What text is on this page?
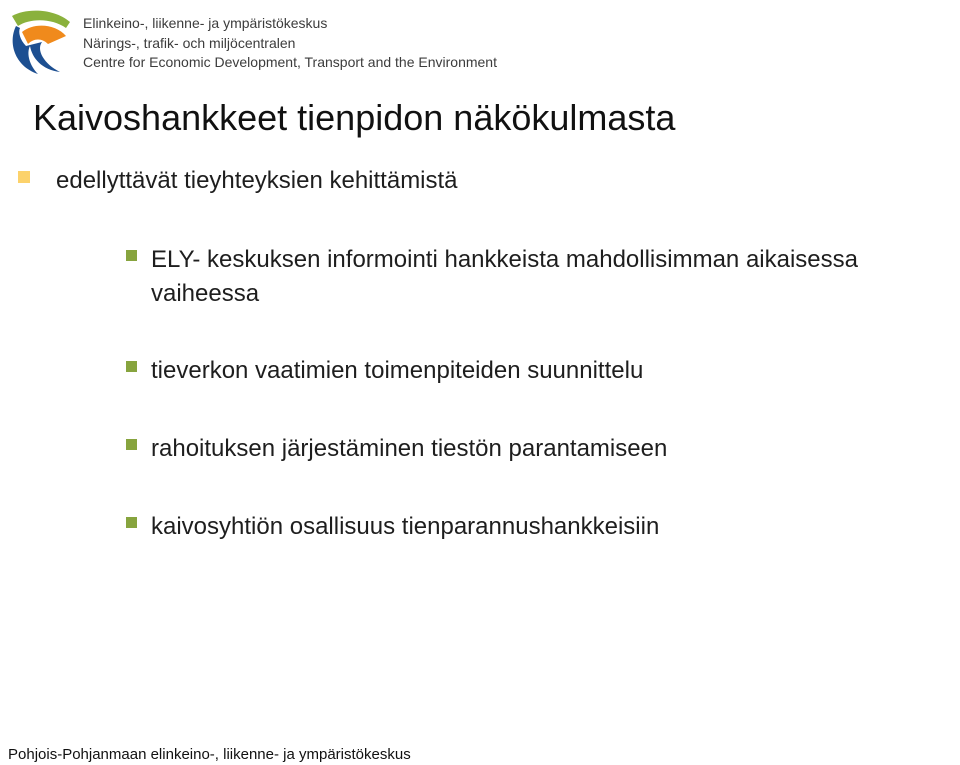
Elinkeino-, liikenne- ja ympäristökeskus
Närings-, trafik- och miljöcentralen
Centre for Economic Development, Transport and the Environment
Kaivoshankkeet tienpidon näkökulmasta
edellyttävät tieyhteyksien kehittämistä
ELY- keskuksen informointi hankkeista mahdollisimman aikaisessa
vaiheessa
tieverkon vaatimien toimenpiteiden suunnittelu
rahoituksen järjestäminen tiestön parantamiseen
kaivosyhtiön osallisuus tienparannushankkeisiin
Pohjois-Pohjanmaan elinkeino-, liikenne- ja ympäristökeskus
